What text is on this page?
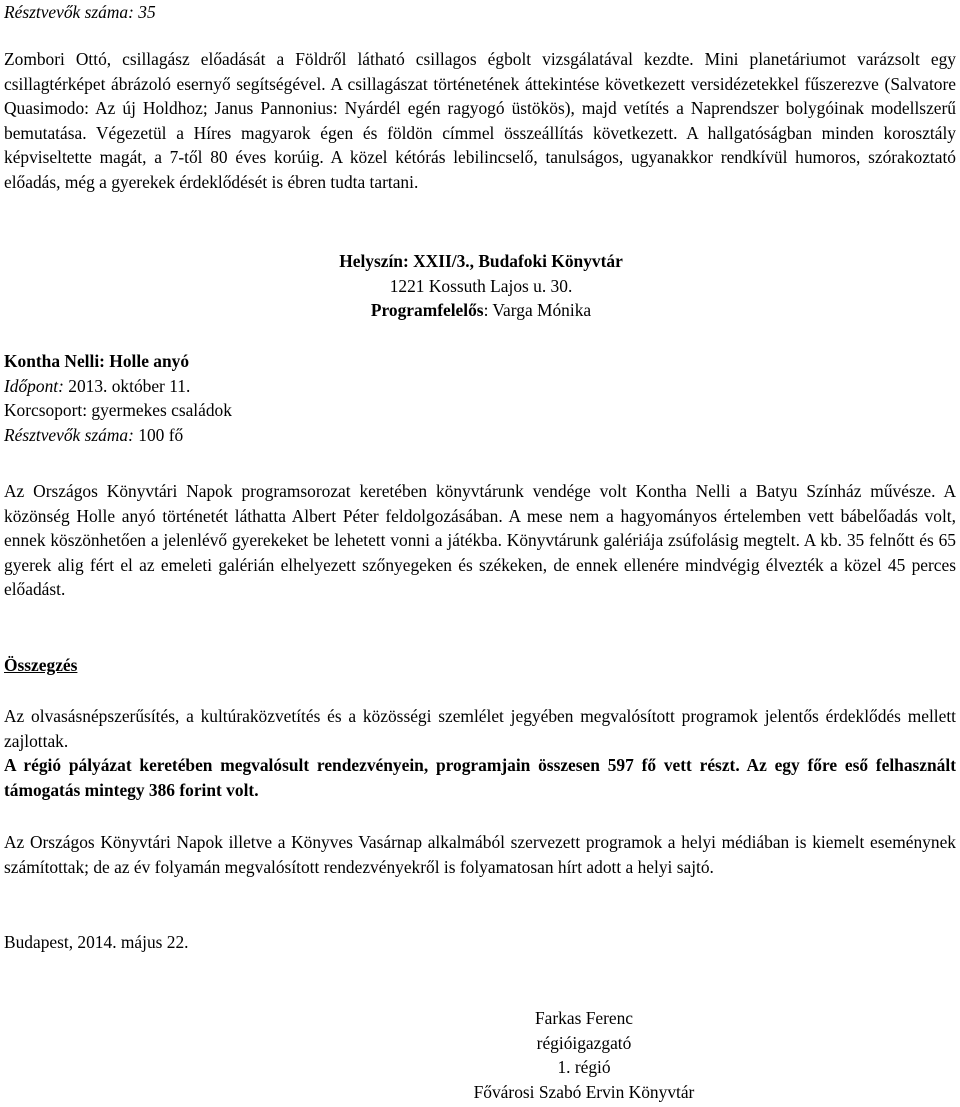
Résztvevők száma: 35

Zombori Ottó, csillagász előadását a Földről látható csillagos égbolt vizsgálatával kezdte. Mini planetáriumot varázsolt egy csillagtérképet ábrázoló esernyő segítségével. A csillagászat történetének áttekintése következett versidézetekkel fűszerezve (Salvatore Quasimodo: Az új Holdhoz; Janus Pannonius: Nyárdél egén ragyogó üstökös), majd vetítés a Naprendszer bolygóinak modellszerű bemutatása. Végezetül a Híres magyarok égen és földön címmel összeállítás következett. A hallgatóságban minden korosztály képviseltette magát, a 7-től 80 éves korúig. A közel kétórás lebilincselő, tanulságos, ugyanakkor rendkívül humoros, szórakoztató előadás, még a gyerekek érdeklődését is ébren tudta tartani.

Helyszín: XXII/3., Budafoki Könyvtár
1221 Kossuth Lajos u. 30.
Programfelelős: Varga Mónika
Kontha Nelli: Holle anyó
Időpont: 2013. október 11.
Korcsoport: gyermekes családok
Résztvevők száma: 100 fő

Az Országos Könyvtári Napok programsorozat keretében könyvtárunk vendége volt Kontha Nelli a Batyu Színház művésze. A közönség Holle anyó történetét láthatta Albert Péter feldolgozásában. A mese nem a hagyományos értelemben vett bábelőadás volt, ennek köszönhetően a jelenlévő gyerekeket be lehetett vonni a játékba. Könyvtárunk galériája zsúfolásig megtelt. A kb. 35 felnőtt és 65 gyerek alig fért el az emeleti galérián elhelyezett szőnyegeken és székeken, de ennek ellenére mindvégig élvezték a közel 45 perces előadást.

Összegzés

Az olvasásnépszerűsítés, a kultúraközvetítés és a közösségi szemlélet jegyében megvalósított programok jelentős érdeklődés mellett zajlottak.

A régió pályázat keretében megvalósult rendezvényein, programjain összesen 597 fő vett részt. Az egy főre eső felhasznált támogatás mintegy 386 forint volt.

Az Országos Könyvtári Napok illetve a Könyves Vasárnap alkalmából szervezett programok a helyi médiában is kiemelt eseménynek számítottak; de az év folyamán megvalósított rendezvényekről is folyamatosan hírt adott a helyi sajtó.

Budapest, 2014. május 22.
Farkas Ferenc
régióigazgató
1. régió
Fővárosi Szabó Ervin Könyvtár
